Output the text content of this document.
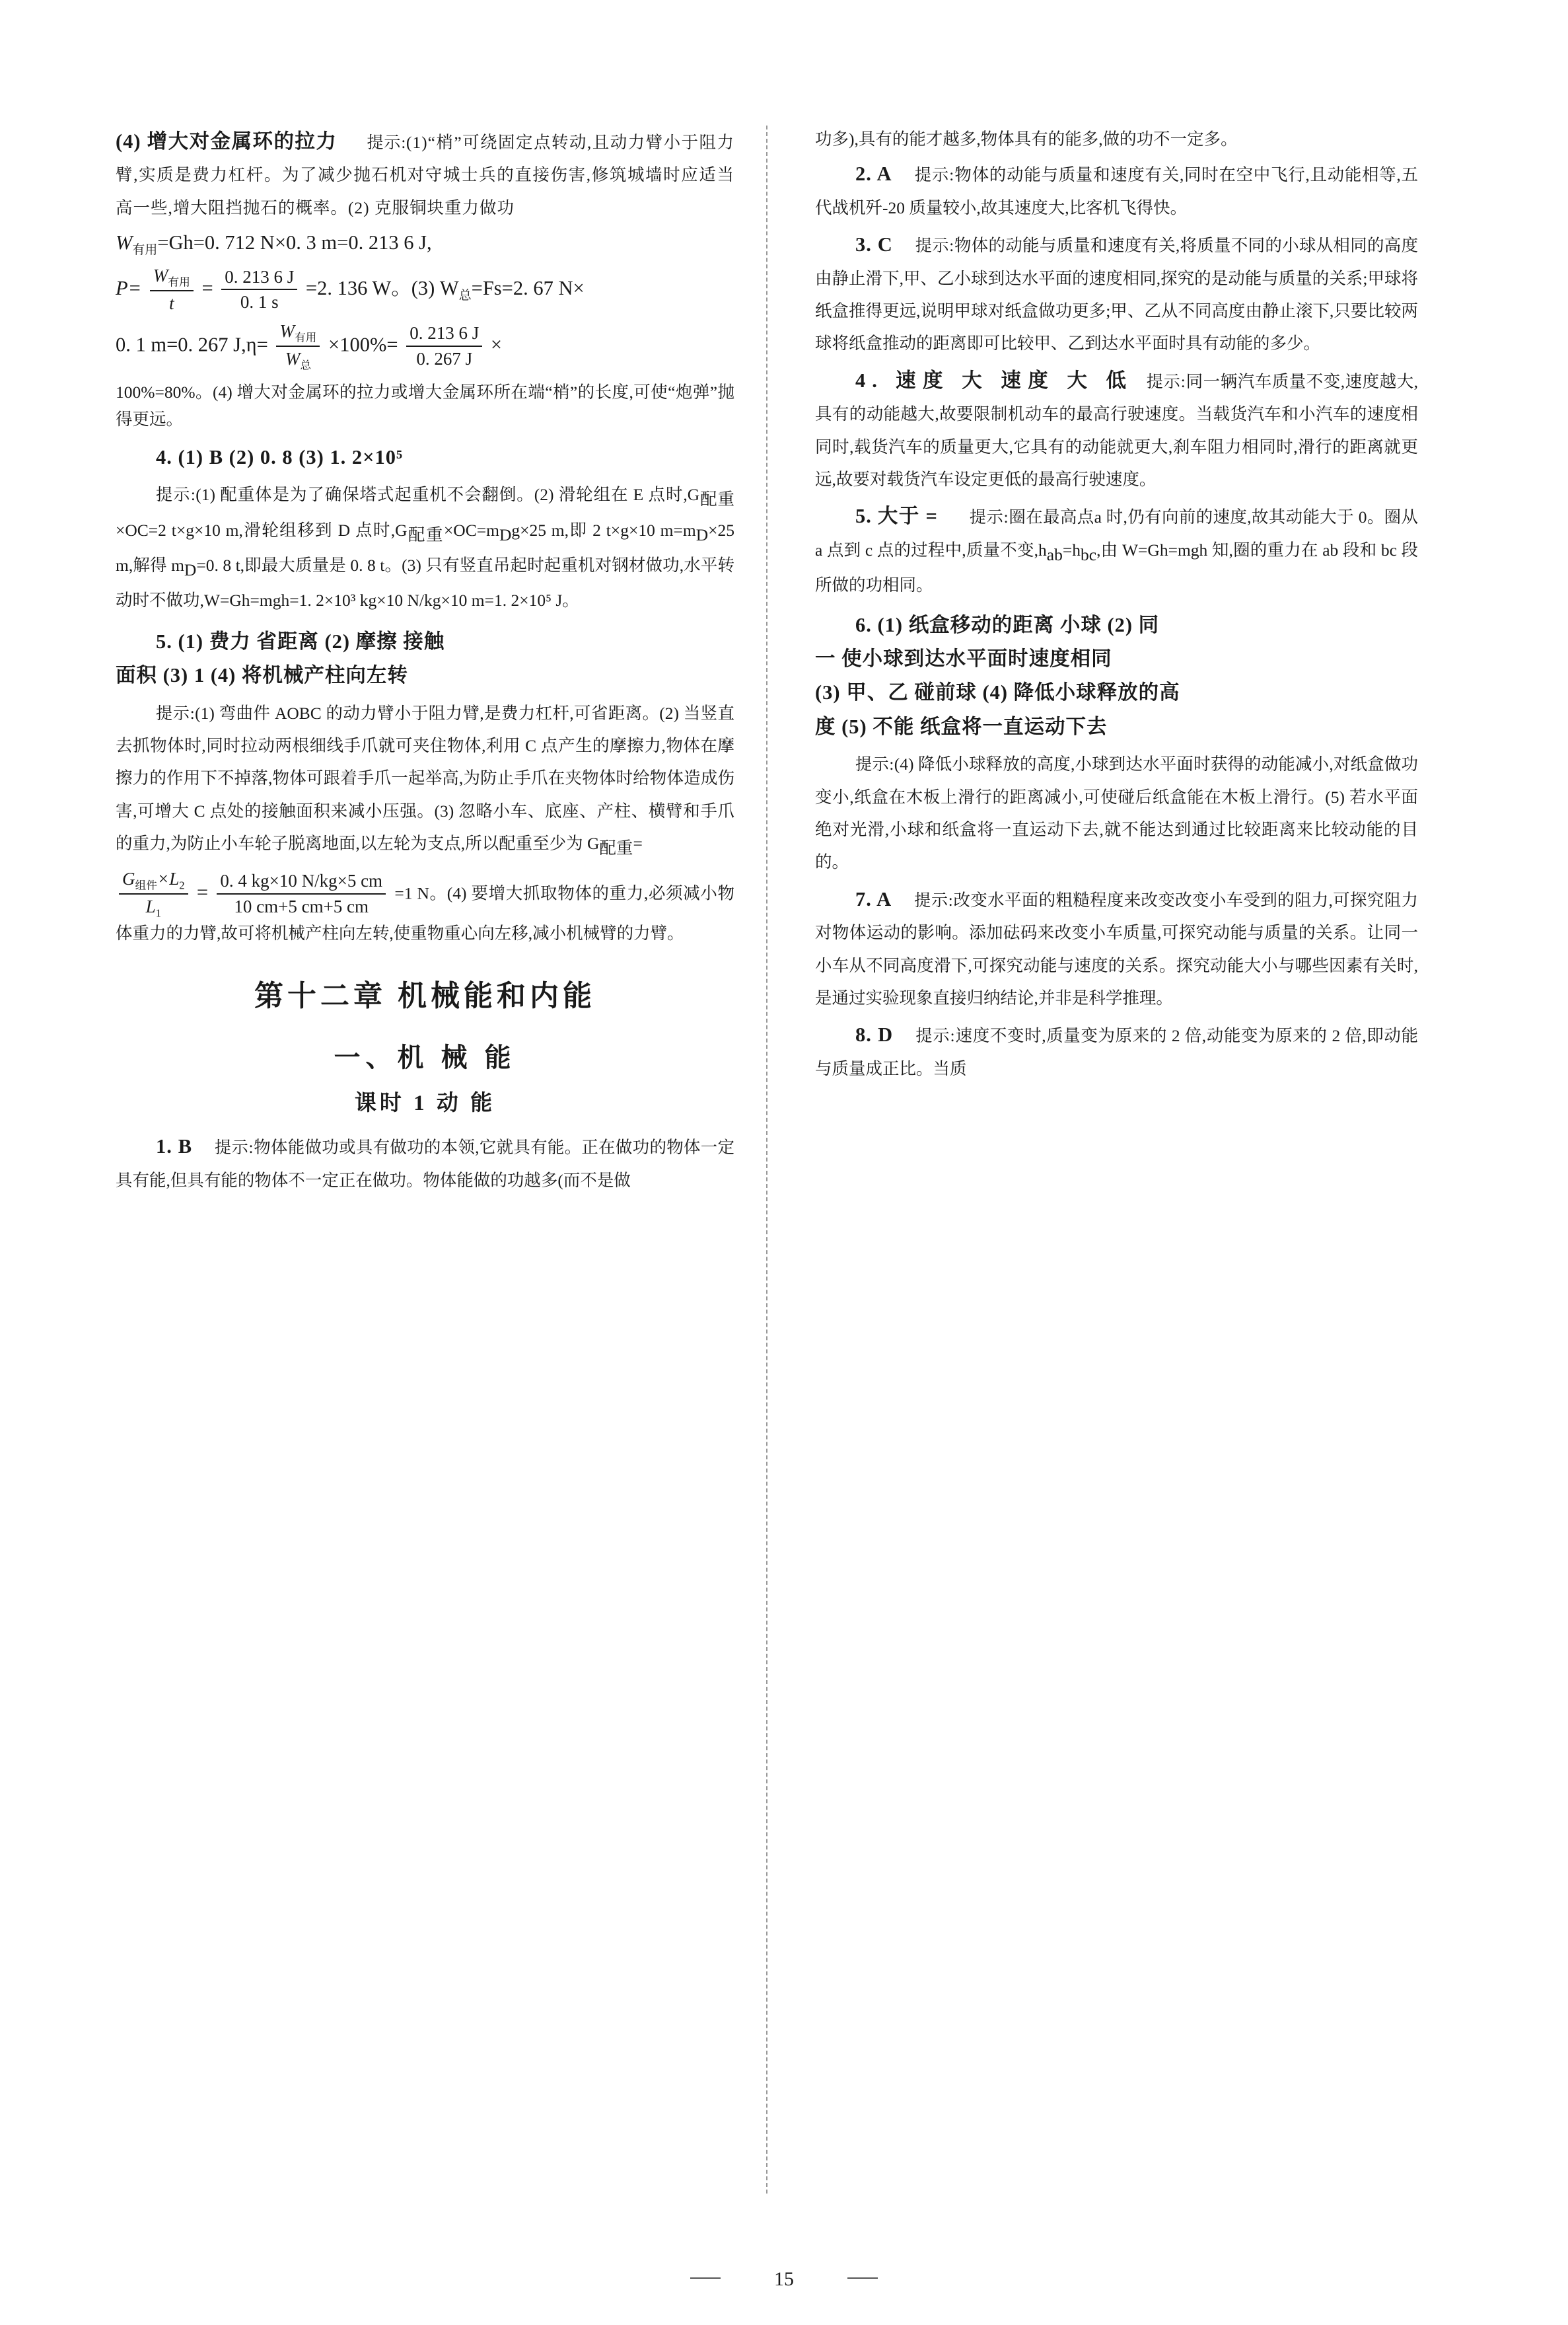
(4) 增大对金属环的拉力 提示:(1)“梢”可绕固定点转动,且动力臂小于阻力臂,实质是费力杠杆。为了减少抛石机对守城士兵的直接伤害,修筑城墙时应适当高一些,增大阻挡抛石的概率。(2) 克服铜块重力做功

$W_{有用}=Gh=0$. 712 N×0. 3 m=0. 213 6 J,

$P= \frac{W_{有用}}{t} = \frac{0. 213 6 J}{0. 1 s} =2$. 136 W。(3) $W_总=Fs=2$. 67 N×

0. 1 m=0. 267 $J,\eta= \frac{W_{有用}}{W_总} \times 100\%= \frac{0. 213 6 J}{0. 267 J}$ ×

100%=80%。(4) 增大对金属环的拉力或增大金属环所在端“梢”的长度,可使“炮弹”抛得更远。

4. (1) B (2) 0. 8 (3) 1. 2×10⁵

提示:(1) 配重体是为了确保塔式起重机不会翻倒。(2) 滑轮组在 E 点时$,G_{配重}\times OC=2$ t×g×10 m,滑轮组移到 D 点时$,G_{配重}\times OC=m_Dg\times 25$ m,即 2 t×g×10 $m=m_D\times 25$ m,解得 $m_D=0$. 8 t,即最大质量是 0. 8 t。(3) 只有竖直吊起时起重机对钢材做功,水平转动时不做功,W=Gh=mgh=1. 2×10³ kg×10 N/kg×10 m=1. 2×10⁵ J。

5. (1) 费力 省距离 (2) 摩擦 接触

面积 (3) 1 (4) 将机械产柱向左转

提示:(1) 弯曲件 AOBC 的动力臂小于阻力臂,是费力杠杆,可省距离。(2) 当竖直去抓物体时,同时拉动两根细线手爪就可夹住物体,利用 C 点产生的摩擦力,物体在摩擦力的作用下不掉落,物体可跟着手爪一起举高,为防止手爪在夹物体时给物体造成伤害,可增大 C 点处的接触面积来减小压强。(3) 忽略小车、底座、产柱、横臂和手爪的重力,为防止小车轮子脱离地面,以左轮为支点,所以配重至少为 $G_{配重}=$

$\frac{G_{组件}\times L_2}{L_1} = \frac{0. 4 kg\times 10 N/kg\times 5 cm}{10 cm+5 cm+5 cm} =1$ N。(4) 要增大抓取物体的重力,必须减小物体重力的力臂,故可将机械产柱向左转,使重物重心向左移,减小机械臂的力臂。

第十二章 机械能和内能

一、机 械 能

课时 1 动 能

1. B 提示:物体能做功或具有做功的本领,它就具有能。正在做功的物体一定具有能,但具有能的物体不一定正在做功。物体能做的功越多(而不是做

功多),具有的能才越多,物体具有的能多,做的功不一定多。

2. A 提示:物体的动能与质量和速度有关,同时在空中飞行,且动能相等,五代战机歼-20 质量较小,故其速度大,比客机飞得快。

3. C 提示:物体的动能与质量和速度有关,将质量不同的小球从相同的高度由静止滑下,甲、乙小球到达水平面的速度相同,探究的是动能与质量的关系;甲球将纸盒推得更远,说明甲球对纸盒做功更多;甲、乙从不同高度由静止滚下,只要比较两球将纸盒推动的距离即可比较甲、乙到达水平面时具有动能的多少。

4. 速度 大 速度 大 低 提示:同一辆汽车质量不变,速度越大,具有的动能越大,故要限制机动车的最高行驶速度。当载货汽车和小汽车的速度相同时,载货汽车的质量更大,它具有的动能就更大,刹车阻力相同时,滑行的距离就更远,故要对载货汽车设定更低的最高行驶速度。

5. 大于 = 提示:圈在最高点a 时,仍有向前的速度,故其动能大于 0。圈从 a 点到 c 点的过程中,质量不变$,h_{ab}=h_{bc}$,由 W=Gh=mgh 知,圈的重力在 ab 段和 bc 段所做的功相同。

6. (1) 纸盒移动的距离 小球 (2) 同

一 使小球到达水平面时速度相同

(3) 甲、乙 碰前球 (4) 降低小球释放的高

度 (5) 不能 纸盒将一直运动下去

提示:(4) 降低小球释放的高度,小球到达水平面时获得的动能减小,对纸盒做功变小,纸盒在木板上滑行的距离减小,可使碰后纸盒能在木板上滑行。(5) 若水平面绝对光滑,小球和纸盒将一直运动下去,就不能达到通过比较距离来比较动能的目的。

7. A 提示:改变水平面的粗糙程度来改变改变小车受到的阻力,可探究阻力对物体运动的影响。添加砝码来改变小车质量,可探究动能与质量的关系。让同一小车从不同高度滑下,可探究动能与速度的关系。探究动能大小与哪些因素有关时,是通过实验现象直接归纳结论,并非是科学推理。

8. D 提示:速度不变时,质量变为原来的 2 倍,动能变为原来的 2 倍,即动能与质量成正比。当质

15
